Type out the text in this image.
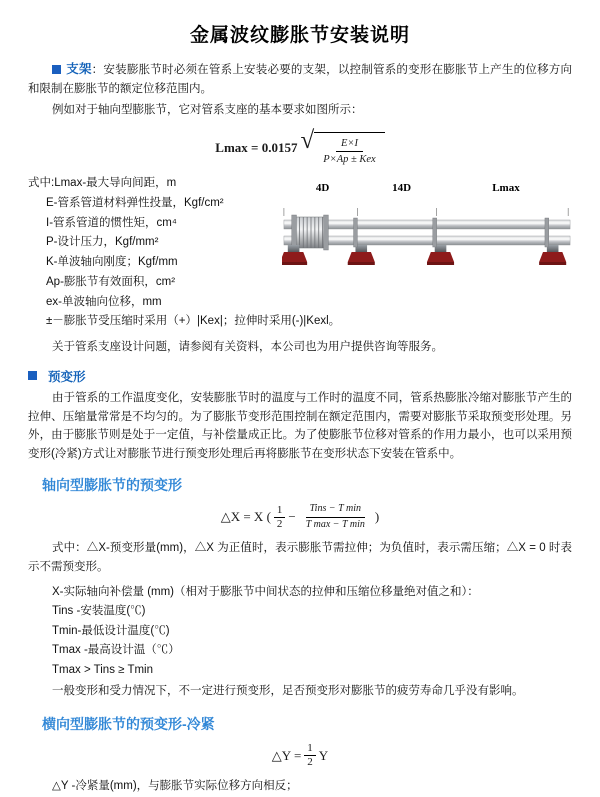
金属波纹膨胀节安装说明
支架：安装膨胀节时必须在管系上安装必要的支架，以控制管系的变形在膨胀节上产生的位移方向和限制在膨胀节的额定位移范围内。
例如对于轴向型膨胀节，它对管系支座的基本要求如图所示：
Lmax = 0.0157 √ $\frac{E\times I}{\text{P×Ap ± Kex}}$
式中:Lmax-最大导向间距，m
E-管系管道材料弹性投量，Kgf/cm²
I-管系管道的惯性矩，cm⁴
P-设计压力，Kgf/mm²
K-单波轴向刚度；Kgf/mm
Ap-膨胀节有效面积，cm²
ex-单波轴向位移，mm
4D	14D	Lmax
±－膨胀节受压缩时采用（+）|Kex|；拉伸时采用(-)|Kexl。
关于管系支座设计问题，请参阅有关资料，本公司也为用户提供咨询等服务。
预变形
由于管系的工作温度变化，安装膨胀节时的温度与工作时的温度不同，管系热膨胀冷缩对膨胀节产生的拉伸、压缩量常常是不均匀的。为了膨胀节变形范围控制在额定范围内，需要对膨胀节采取预变形处理。另外，由于膨胀节则是处于一定值，与补偿量成正比。为了使膨胀节位移对管系的作用力最小，也可以采用预变形(冷紧)方式让对膨胀节进行预变形处理后再将膨胀节在变形状态下安装在管系中。
轴向型膨胀节的预变形
△X = X ( $\frac{1}{2} - \frac{\text{Tins − T min}}{\text{T max − T min}}$ )
式中：△X-预变形量(mm)，△X 为正值时，表示膨胀节需拉伸；为负值时，表示需压缩；△X = 0 时表示不需预变形。
X-实际轴向补偿量 (mm)（相对于膨胀节中间状态的拉伸和压缩位移量绝对值之和）：
Tins -安装温度(℃)
Tmin-最低设计温度(℃)
Tmax -最高设计温（℃）
Tmax > Tins ≥ Tmin
一般变形和受力情况下，不一定进行预变形，足否预变形对膨胀节的疲劳寿命几乎没有影响。
横向型膨胀节的预变形-冷紧
△Y = $\frac{1}{2}$ Y
△Y -冷紧量(mm)，与膨胀节实际位移方向相反；
